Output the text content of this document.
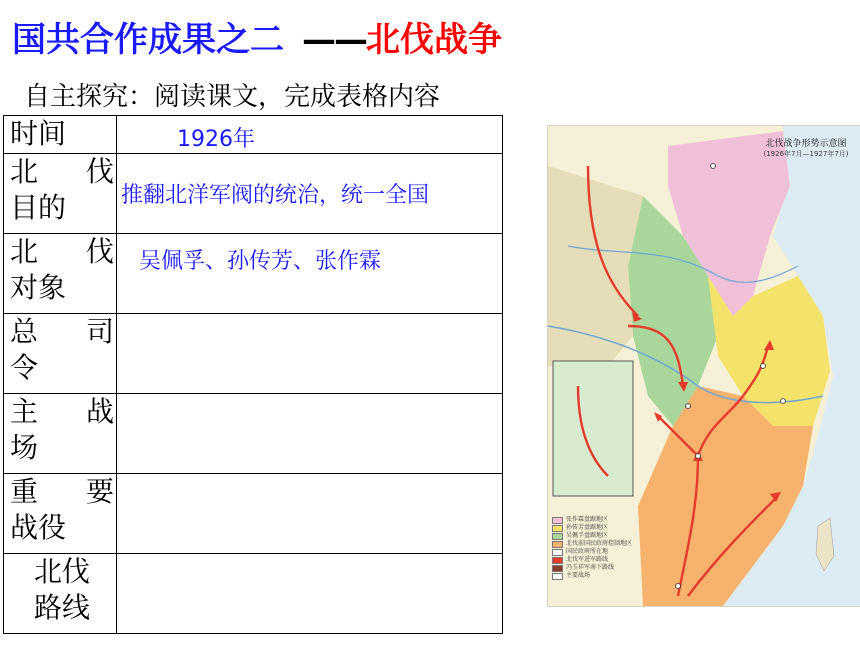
国共合作成果之二 ——北伐战争
自主探究：阅读课文，完成表格内容
时间	1926年

北 伐
目的	推翻北洋军阀的统治，统一全国

北 伐
对象	吴佩孚、孙传芳、张作霖

总 司
令	

主 战
场	

重 要
战役	

北伐
路线	

北伐战争形势示意图
(1926年7月—1927年7月)
张作霖盘踞地区
孙传芳盘踞地区
吴佩孚盘踞地区
北伐前国民政府控制地区
国民政府所在地
北伐军进军路线
冯玉祥军南下路线
主要战场
